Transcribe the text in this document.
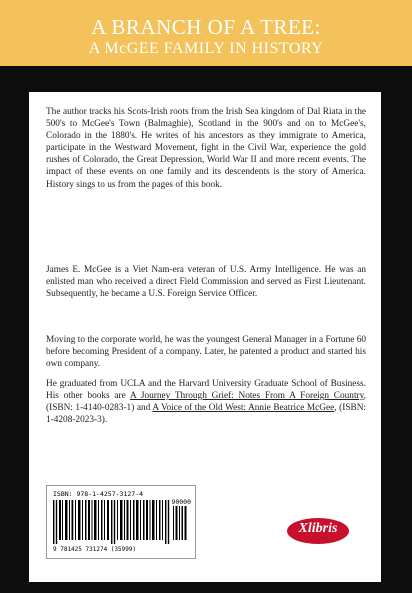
A BRANCH OF A TREE:
A McGEE FAMILY IN HISTORY

The author tracks his Scots-Irish roots from the Irish Sea kingdom of Dal Riata in the 500's to McGee's Town (Balmaghie), Scotland in the 900's and on to McGee's, Colorado in the 1880's. He writes of his ancestors as they immigrate to America, participate in the Westward Movement, fight in the Civil War, experience the gold rushes of Colorado, the Great Depression, World War II and more recent events. The impact of these events on one family and its descendents is the story of America. History sings to us from the pages of this book.

James E. McGee is a Viet Nam-era veteran of U.S. Army Intelligence. He was an enlisted man who received a direct Field Commission and served as First Lieutenant. Subsequently, he became a U.S. Foreign Service Officer.

Moving to the corporate world, he was the youngest General Manager in a Fortune 60 before becoming President of a company. Later, he patented a product and started his own company.

He graduated from UCLA and the Harvard University Graduate School of Business. His other books are A Journey Through Grief: Notes From A Foreign Country, (ISBN: 1-4140-0283-1) and A Voice of the Old West: Annie Beatrice McGee, (ISBN: 1-4208-2023-3).

ISBN: 978-1-4257-3127-4
90000
9 781425 731274 (35999)
Xlibris
